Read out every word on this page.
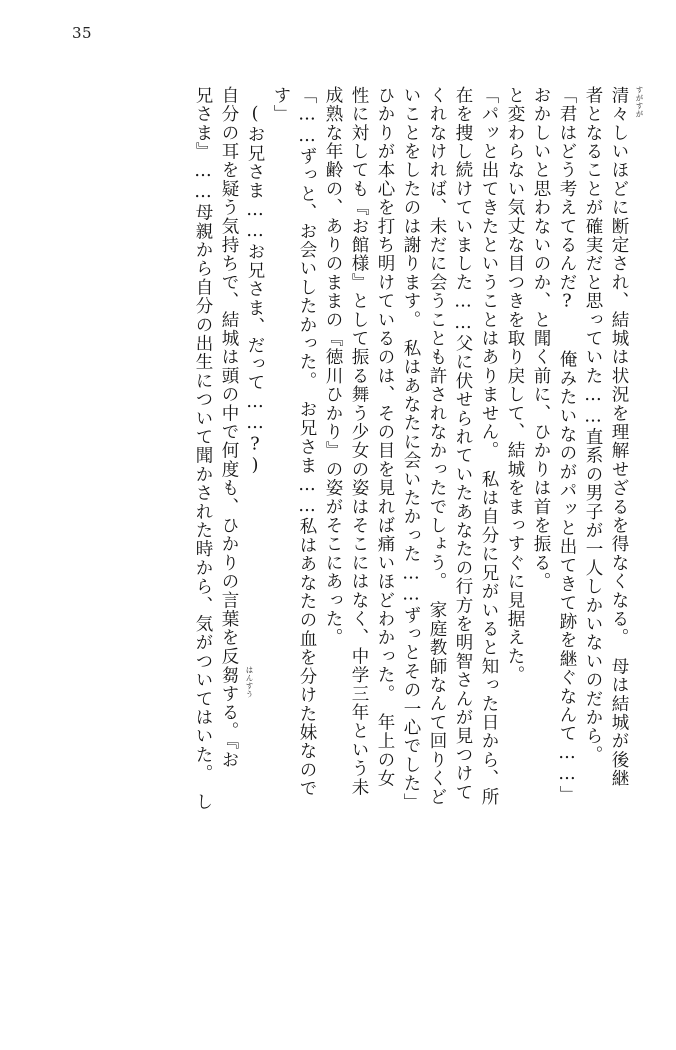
35
清 すがすが
々しいほどに断定され、結城は状況を理解せざるを得なくなる。　母は結城が後継
者となることが確実だと思っていた……直系の男子が一人しかいないのだから。
「君はどう考えてるんだ?　　俺みたいなのがパッと出てきて跡を継ぐなんて……」
おかしいと思わないのか、と聞く前に、ひかりは首を振る。
と変わらない気丈な目つきを取り戻して、結城をまっすぐに見据えた。
「パッと出てきたということはありません。　私は自分に兄がいると知った日から、所
在を捜し続けていました……父に伏せられていたあなたの行方を明智さんが見つけて
くれなければ、未だに会うことも許されなかったでしょう。　家庭教師なんて回りくど
いことをしたのは謝ります。　私はあなたに会いたかった……ずっとその一心でした」
ひかりが本心を打ち明けているのは、その目を見れば痛いほどわかった。　年上の女
性に対しても『お館様』として振る舞う少女の姿はそこにはなく、中学三年という未
成熟な年齢の、ありのままの『徳川ひかり』の姿がそこにあった。
「……ずっと、お会いしたかった。　お兄さま……私はあなたの血を分けた妹なので
す」
(お兄さま……お兄さま、だって……?)
自分の耳を疑う気持ちで、結城は頭の中で何度も、ひかりの言葉を反芻 はんすう
する。『お
兄さま』……母親から自分の出生について聞かされた時から、気がついてはいた。　し
